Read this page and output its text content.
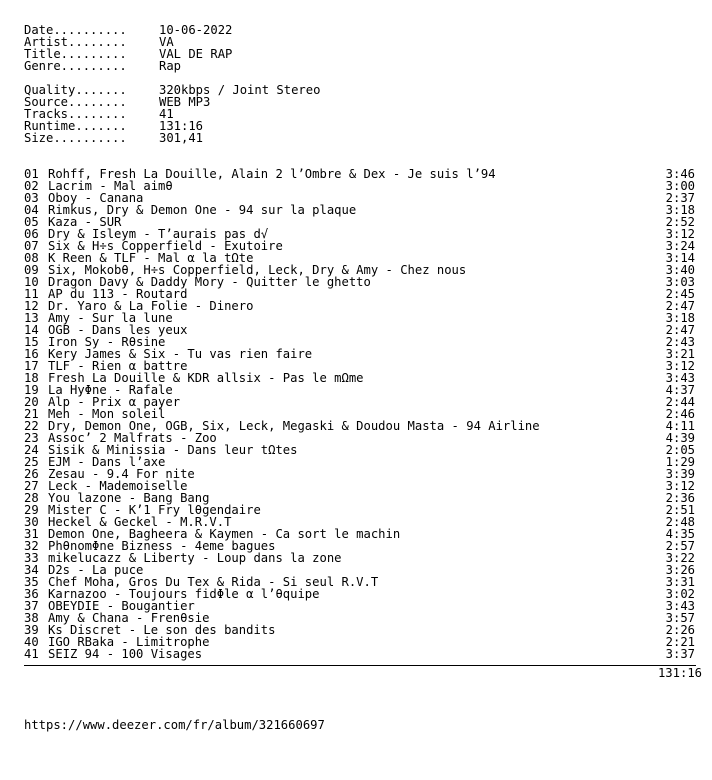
Date..........	10-06-2022
Artist........	VA
Title.........	VAL DE RAP
Genre.........	Rap
Quality.......	320kbps / Joint Stereo
Source........	WEB MP3
Tracks........	41
Runtime.......	131:16
Size..........	301,41
01 Rohff, Fresh La Douille, Alain 2 l’Ombre & Dex - Je suis l’94	3:46
02 Lacrim - Mal aimθ	3:00
03 Oboy - Canana	2:37
04 Rimkus, Dry & Demon One - 94 sur la plaque	3:18
05 Kaza - SUR	2:52
06 Dry & Isleym - T’aurais pas d√	3:12
07 Six & H÷s Copperfield - Exutoire	3:24
08 K Reen & TLF - Mal α la tΩte	3:14
09 Six, Mokobθ, H÷s Copperfield, Leck, Dry & Amy - Chez nous	3:40
10 Dragon Davy & Daddy Mory - Quitter le ghetto	3:03
11 AP du 113 - Routard	2:45
12 Dr. Yaro & La Folie - Dinero	2:47
13 Amy - Sur la lune	3:18
14 OGB - Dans les yeux	2:47
15 Iron Sy - Rθsine	2:43
16 Kery James & Six - Tu vas rien faire	3:21
17 TLF - Rien α battre	3:12
18 Fresh La Douille & KDR allsix - Pas le mΩme	3:43
19 La HyΦne - Rafale	4:37
20 Alp - Prix α payer	2:44
21 Meh - Mon soleil	2:46
22 Dry, Demon One, OGB, Six, Leck, Megaski & Doudou Masta - 94 Airline	4:11
23 Assoc’ 2 Malfrats - Zoo	4:39
24 Sisik & Minissia - Dans leur tΩtes	2:05
25 EJM - Dans l’axe	1:29
26 Zesau - 9.4 For nite	3:39
27 Leck - Mademoiselle	3:12
28 You lazone - Bang Bang	2:36
29 Mister C - K’1 Fry lθgendaire	2:51
30 Heckel & Geckel - M.R.V.T	2:48
31 Demon One, Bagheera & Kaymen - Ca sort le machin	4:35
32 PhθnomΦne Bizness - 4eme bagues	2:57
33 mikelucazz & Liberty - Loup dans la zone	3:22
34 D2s - La puce	3:26
35 Chef Moha, Gros Du Tex & Rida - Si seul R.V.T	3:31
36 Karnazoo - Toujours fidΦle α l’θquipe	3:02
37 OBEYDIE - Bougantier	3:43
38 Amy & Chana - Frenθsie	3:57
39 Ks Discret - Le son des bandits	2:26
40 IGO RBaka - Limitrophe	2:21
41 SEIZ 94 - 100 Visages	3:37
131:16
https://www.deezer.com/fr/album/321660697
